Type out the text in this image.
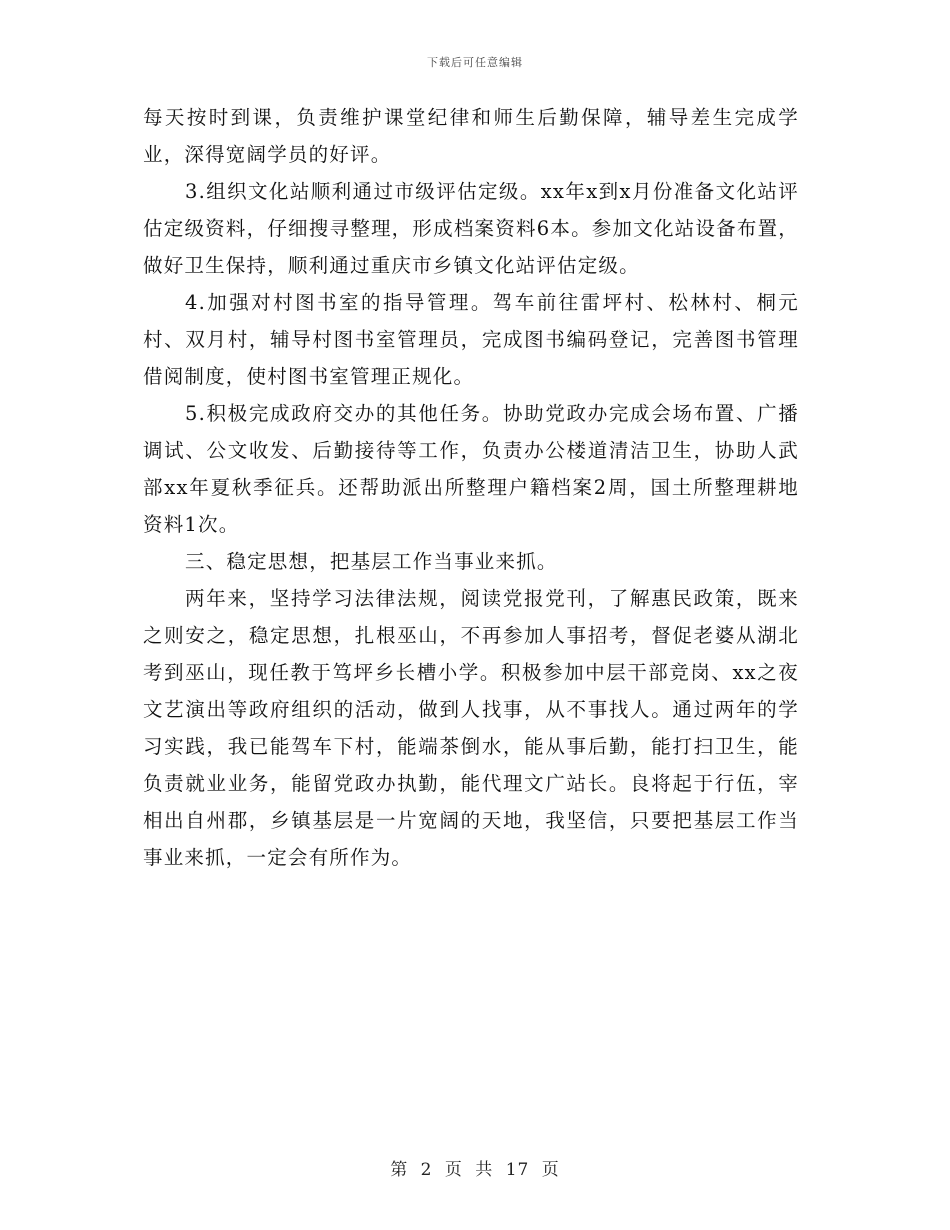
下载后可任意编辑

每天按时到课，负责维护课堂纪律和师生后勤保障，辅导差生完成学业，深得宽阔学员的好评。

3.组织文化站顺利通过市级评估定级。xx年x到x月份准备文化站评估定级资料，仔细搜寻整理，形成档案资料6本。参加文化站设备布置，做好卫生保持，顺利通过重庆市乡镇文化站评估定级。

4.加强对村图书室的指导管理。驾车前往雷坪村、松林村、桐元村、双月村，辅导村图书室管理员，完成图书编码登记，完善图书管理借阅制度，使村图书室管理正规化。

5.积极完成政府交办的其他任务。协助党政办完成会场布置、广播调试、公文收发、后勤接待等工作，负责办公楼道清洁卫生，协助人武部xx年夏秋季征兵。还帮助派出所整理户籍档案2周，国土所整理耕地资料1次。

三、稳定思想，把基层工作当事业来抓。

两年来，坚持学习法律法规，阅读党报党刊，了解惠民政策，既来之则安之，稳定思想，扎根巫山，不再参加人事招考，督促老婆从湖北考到巫山，现任教于笃坪乡长槽小学。积极参加中层干部竞岗、xx之夜文艺演出等政府组织的活动，做到人找事，从不事找人。通过两年的学习实践，我已能驾车下村，能端茶倒水，能从事后勤，能打扫卫生，能负责就业业务，能留党政办执勤，能代理文广站长。良将起于行伍，宰相出自州郡，乡镇基层是一片宽阔的天地，我坚信，只要把基层工作当事业来抓，一定会有所作为。

第 2 页 共 17 页
